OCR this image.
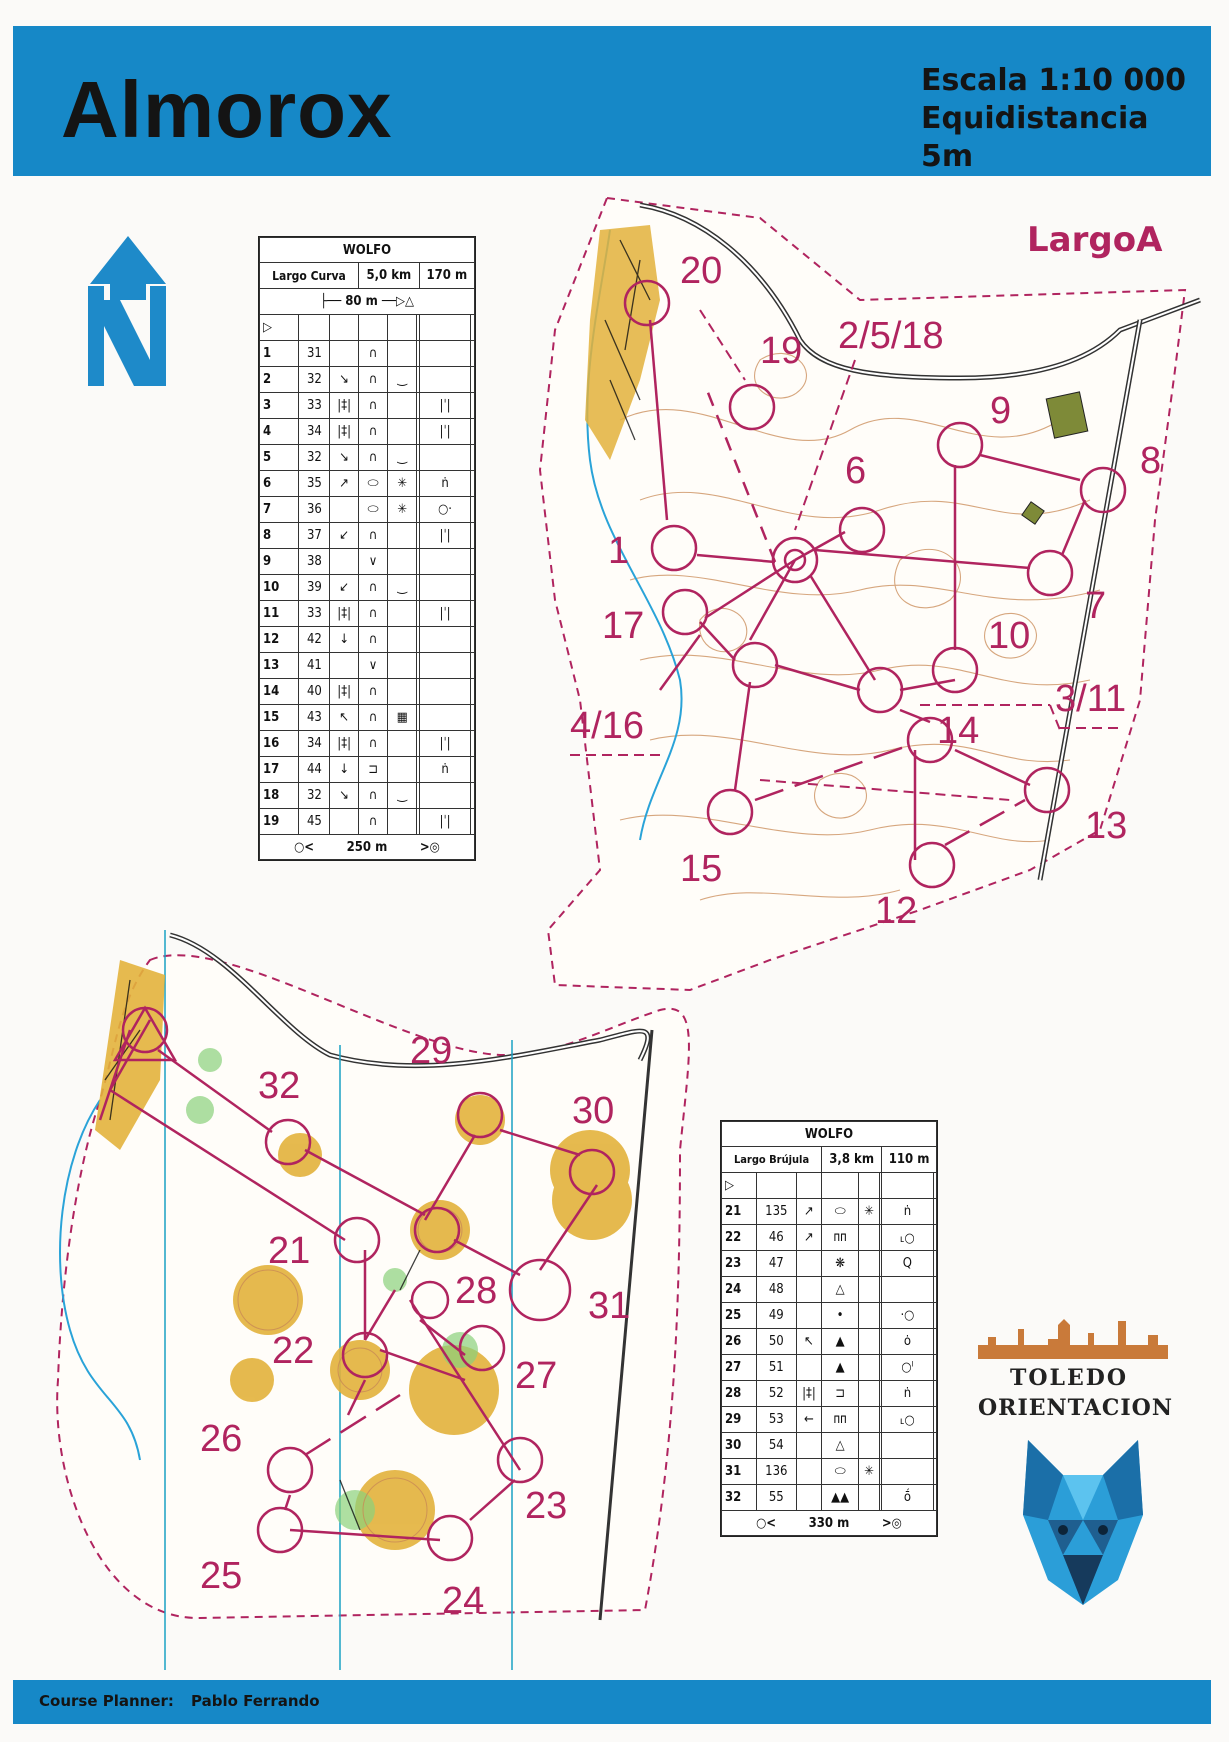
Almorox	Escala 1:10 000
Equidistancia 5m
LargoA
20
19 2/5/18
9
8
6
1
17	7
10
3/11
4/16	14
13
15
12
29
30
32
21
28 31
22
27
26
23
25
24
WOLFO							
Largo Curva			5,0 km			170 m	
├── 80 m ──▷△							
▷							
1	31		∩				
2	32	↘	∩	‿			
3	33	|‡|	∩			|ˈ|	
4	34	|‡|	∩			|ˈ|	
5	32	↘	∩	‿			
6	35	↗	⬭	✳		ṅ	
7	36		⬭	✳		○·	
8	37	↙	∩			|ˈ|	
9	38		∨				
10	39	↙	∩	‿			
11	33	|‡|	∩			|ˈ|	
12	42	↓	∩				
13	41		∨				
14	40	|‡|	∩				
15	43	↖	∩	▦			
16	34	|‡|	∩			|ˈ|	
17	44	↓	⊐			ṅ	
18	32	↘	∩	‿			
19	45		∩			|ˈ|	
○<        250 m        >◎							
WOLFO							
Largo Brújula			3,8 km			110 m	
▷							
21	135	↗	⬭	✳		ṅ	
22	46	↗	ᴨᴨ			˪○	
23	47		❋			Q	
24	48		△				
25	49		•			·○	
26	50	↖	▲			ȯ	
27	51		▲			○ˡ	
28	52	|‡|	⊐			ṅ	
29	53	←	ᴨᴨ			˪○	
30	54		△				
31	136		⬭	✳			
32	55		▲▲			ṓ	
○<        330 m        >◎							
TOLEDO
ORIENTACION
Course Planner: Pablo Ferrando
